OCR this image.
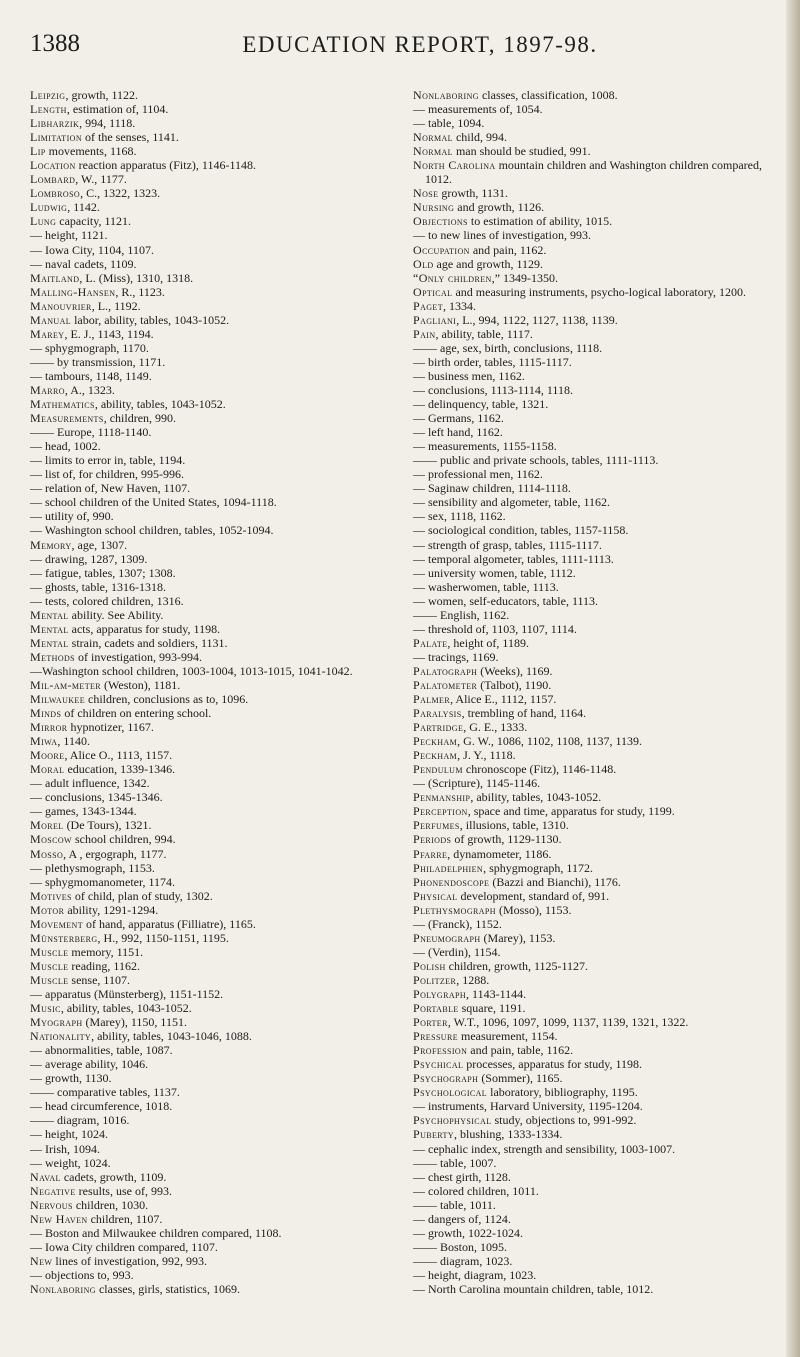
1388	EDUCATION REPORT, 1897-98.

Leipzig, growth, 1122.

Length, estimation of, 1104.

Libharzik, 994, 1118.

Limitation of the senses, 1141.

Lip movements, 1168.

Location reaction apparatus (Fitz), 1146-1148.

Lombard, W., 1177.

Lombroso, C., 1322, 1323.

Ludwig, 1142.

Lung capacity, 1121.

— height, 1121.

— Iowa City, 1104, 1107.

— naval cadets, 1109.

Maitland, L. (Miss), 1310, 1318.

Malling-Hansen, R., 1123.

Manouvrier, L., 1192.

Manual labor, ability, tables, 1043-1052.

Marey, E. J., 1143, 1194.

— sphygmograph, 1170.

—— by transmission, 1171.

— tambours, 1148, 1149.

Marro, A., 1323.

Mathematics, ability, tables, 1043-1052.

Measurements, children, 990.

—— Europe, 1118-1140.

— head, 1002.

— limits to error in, table, 1194.

— list of, for children, 995-996.

— relation of, New Haven, 1107.

— school children of the United States, 1094-1118.

— utility of, 990.

— Washington school children, tables, 1052-1094.

Memory, age, 1307.

— drawing, 1287, 1309.

— fatigue, tables, 1307; 1308.

— ghosts, table, 1316-1318.

— tests, colored children, 1316.

Mental ability. See Ability.

Mental acts, apparatus for study, 1198.

Mental strain, cadets and soldiers, 1131.

Methods of investigation, 993-994.

—Washington school children, 1003-1004, 1013-1015, 1041-1042.

Mil-am-meter (Weston), 1181.

Milwaukee children, conclusions as to, 1096.

Minds of children on entering school.

Mirror hypnotizer, 1167.

Miwa, 1140.

Moore, Alice O., 1113, 1157.

Moral education, 1339-1346.

— adult influence, 1342.

— conclusions, 1345-1346.

— games, 1343-1344.

Morel (De Tours), 1321.

Moscow school children, 994.

Mosso, A , ergograph, 1177.

— plethysmograph, 1153.

— sphygmomanometer, 1174.

Motives of child, plan of study, 1302.

Motor ability, 1291-1294.

Movement of hand, apparatus (Filliatre), 1165.

Münsterberg, H., 992, 1150-1151, 1195.

Muscle memory, 1151.

Muscle reading, 1162.

Muscle sense, 1107.

— apparatus (Münsterberg), 1151-1152.

Music, ability, tables, 1043-1052.

Myograph (Marey), 1150, 1151.

Nationality, ability, tables, 1043-1046, 1088.

— abnormalities, table, 1087.

— average ability, 1046.

— growth, 1130.

—— comparative tables, 1137.

— head circumference, 1018.

—— diagram, 1016.

— height, 1024.

— Irish, 1094.

— weight, 1024.

Naval cadets, growth, 1109.

Negative results, use of, 993.

Nervous children, 1030.

New Haven children, 1107.

— Boston and Milwaukee children compared, 1108.

— Iowa City children compared, 1107.

New lines of investigation, 992, 993.

— objections to, 993.

Nonlaboring classes, girls, statistics, 1069.

Nonlaboring classes, classification, 1008.

— measurements of, 1054.

— table, 1094.

Normal child, 994.

Normal man should be studied, 991.

North Carolina mountain children and Washington children compared, 1012.

Nose growth, 1131.

Nursing and growth, 1126.

Objections to estimation of ability, 1015.

— to new lines of investigation, 993.

Occupation and pain, 1162.

Old age and growth, 1129.

“Only children,” 1349-1350.

Optical and measuring instruments, psycho-logical laboratory, 1200.

Paget, 1334.

Pagliani, L., 994, 1122, 1127, 1138, 1139.

Pain, ability, table, 1117.

—— age, sex, birth, conclusions, 1118.

— birth order, tables, 1115-1117.

— business men, 1162.

— conclusions, 1113-1114, 1118.

— delinquency, table, 1321.

— Germans, 1162.

— left hand, 1162.

— measurements, 1155-1158.

—— public and private schools, tables, 1111-1113.

— professional men, 1162.

— Saginaw children, 1114-1118.

— sensibility and algometer, table, 1162.

— sex, 1118, 1162.

— sociological condition, tables, 1157-1158.

— strength of grasp, tables, 1115-1117.

— temporal algometer, tables, 1111-1113.

— university women, table, 1112.

— washerwomen, table, 1113.

— women, self-educators, table, 1113.

—— English, 1162.

— threshold of, 1103, 1107, 1114.

Palate, height of, 1189.

— tracings, 1169.

Palatograph (Weeks), 1169.

Palatometer (Talbot), 1190.

Palmer, Alice E., 1112, 1157.

Paralysis, trembling of hand, 1164.

Partridge, G. E., 1333.

Peckham, G. W., 1086, 1102, 1108, 1137, 1139.

Peckham, J. Y., 1118.

Pendulum chronoscope (Fitz), 1146-1148.

— (Scripture), 1145-1146.

Penmanship, ability, tables, 1043-1052.

Perception, space and time, apparatus for study, 1199.

Perfumes, illusions, table, 1310.

Periods of growth, 1129-1130.

Pfarre, dynamometer, 1186.

Philadelphien, sphygmograph, 1172.

Phonendoscope (Bazzi and Bianchi), 1176.

Physical development, standard of, 991.

Plethysmograph (Mosso), 1153.

— (Franck), 1152.

Pneumograph (Marey), 1153.

— (Verdin), 1154.

Polish children, growth, 1125-1127.

Politzer, 1288.

Polygraph, 1143-1144.

Portable square, 1191.

Porter, W.T., 1096, 1097, 1099, 1137, 1139, 1321, 1322.

Pressure measurement, 1154.

Profession and pain, table, 1162.

Psychical processes, apparatus for study, 1198.

Psychograph (Sommer), 1165.

Psychological laboratory, bibliography, 1195.

— instruments, Harvard University, 1195-1204.

Psychophysical study, objections to, 991-992.

Puberty, blushing, 1333-1334.

— cephalic index, strength and sensibility, 1003-1007.

—— table, 1007.

— chest girth, 1128.

— colored children, 1011.

—— table, 1011.

— dangers of, 1124.

— growth, 1022-1024.

—— Boston, 1095.

—— diagram, 1023.

— height, diagram, 1023.

— North Carolina mountain children, table, 1012.
